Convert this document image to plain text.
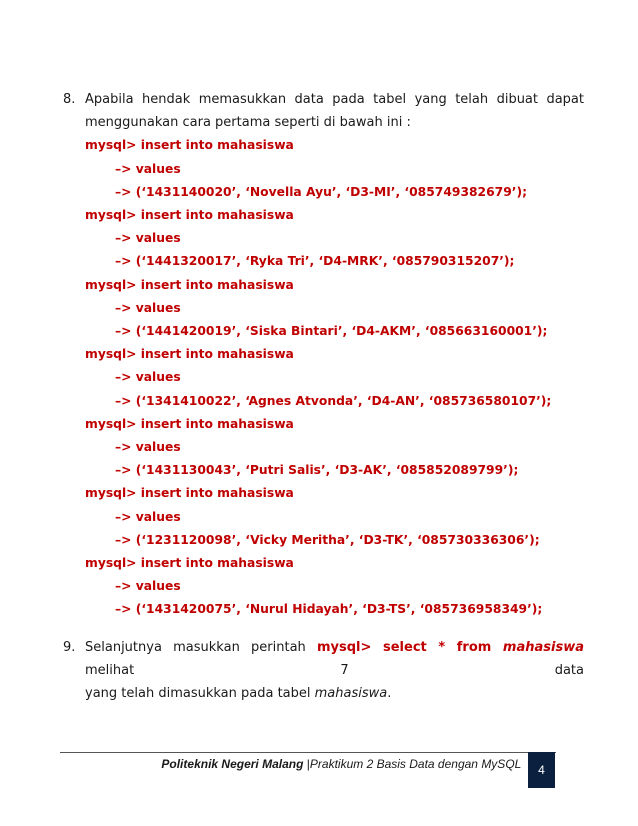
8. Apabila hendak memasukkan data pada tabel yang telah dibuat dapat
menggunakan cara pertama seperti di bawah ini :
mysql> insert into mahasiswa
–> values
–> (‘1431140020’, ‘Novella Ayu’, ‘D3-MI’, ‘085749382679’);
mysql> insert into mahasiswa
–> values
–> (‘1441320017’, ‘Ryka Tri’, ‘D4-MRK’, ‘085790315207’);
mysql> insert into mahasiswa
–> values
–> (‘1441420019’, ‘Siska Bintari’, ‘D4-AKM’, ‘085663160001’);
mysql> insert into mahasiswa
–> values
–> (‘1341410022’, ‘Agnes Atvonda’, ‘D4-AN’, ‘085736580107’);
mysql> insert into mahasiswa
–> values
–> (‘1431130043’, ‘Putri Salis’, ‘D3-AK’, ‘085852089799’);
mysql> insert into mahasiswa
–> values
–> (‘1231120098’, ‘Vicky Meritha’, ‘D3-TK’, ‘085730336306’);
mysql> insert into mahasiswa
–> values
–> (‘1431420075’, ‘Nurul Hidayah’, ‘D3-TS’, ‘085736958349’);
9. Selanjutnya masukkan perintah mysql> select * from mahasiswa melihat 7 data
yang telah dimasukkan pada tabel mahasiswa.
Politeknik Negeri Malang |Praktikum 2 Basis Data dengan MySQL	4
